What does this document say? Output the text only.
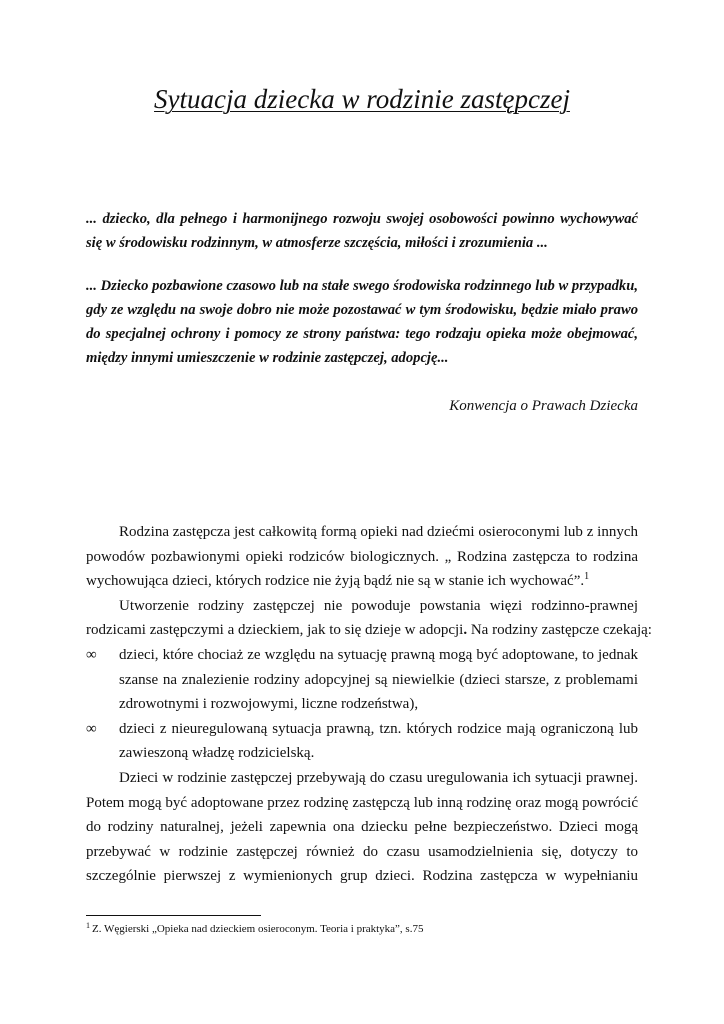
Sytuacja dziecka w rodzinie zastępczej
... dziecko, dla pełnego i harmonijnego rozwoju swojej osobowości powinno wychowywać
się w środowisku rodzinnym, w atmosferze szczęścia, miłości i zrozumienia ...
... Dziecko pozbawione czasowo lub na stałe swego środowiska rodzinnego lub w przypadku,
gdy ze względu na swoje dobro nie może pozostawać w tym środowisku, będzie miało prawo
do specjalnej ochrony i pomocy ze strony państwa: tego rodzaju opieka może obejmować,
między innymi umieszczenie w rodzinie zastępczej, adopcję...
Konwencja o Prawach Dziecka
Rodzina zastępcza jest całkowitą formą opieki nad dziećmi osieroconymi lub z innych
powodów pozbawionymi opieki rodziców biologicznych. „ Rodzina zastępcza to rodzina
wychowująca dzieci, których rodzice nie żyją bądź nie są w stanie ich wychować”.$^1$
Utworzenie rodziny zastępczej nie powoduje powstania więzi rodzinno-prawnej
rodzicami zastępczymi a dzieckiem, jak to się dzieje w adopcji. Na rodziny zastępcze czekają:
∞ dzieci, które chociaż ze względu na sytuację prawną mogą być adoptowane, to jednak
szanse na znalezienie rodziny adopcyjnej są niewielkie (dzieci starsze, z problemami
zdrowotnymi i rozwojowymi, liczne rodzeństwa),
∞ dzieci z nieuregulowaną sytuacja prawną, tzn. których rodzice mają ograniczoną lub
zawieszoną władzę rodzicielską.
Dzieci w rodzinie zastępczej przebywają do czasu uregulowania ich sytuacji prawnej.
Potem mogą być adoptowane przez rodzinę zastępczą lub inną rodzinę oraz mogą powrócić
do rodziny naturalnej, jeżeli zapewnia ona dziecku pełne bezpieczeństwo. Dzieci mogą
przebywać w rodzinie zastępczej również do czasu usamodzielnienia się, dotyczy to
szczególnie pierwszej z wymienionych grup dzieci. Rodzina zastępcza w wypełnianiu
$^1$ Z. Węgierski „Opieka nad dzieckiem osieroconym. Teoria i praktyka”, s.75
